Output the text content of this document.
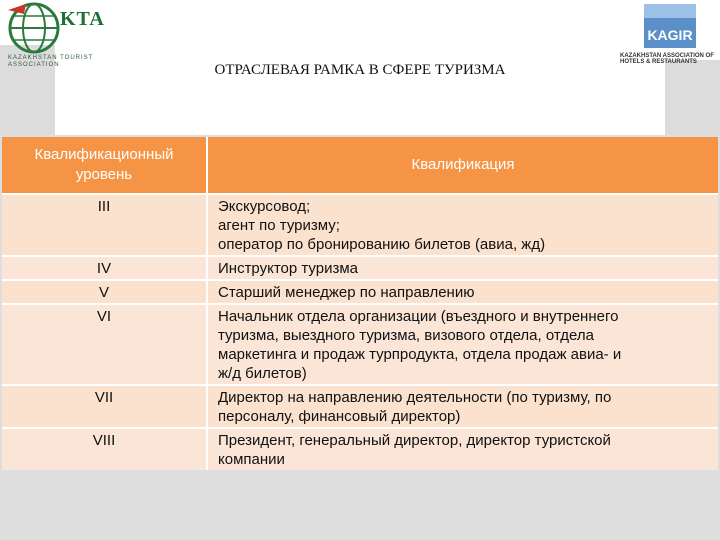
KTA
KAZAKHSTAN TOURIST ASSOCIATION
KAGIR
KAZAKHSTAN ASSOCIATION OF HOTELS & RESTAURANTS
ОТРАСЛЕВАЯ РАМКА В СФЕРЕ ТУРИЗМА
Квалификационный уровень	Квалификация
III	Экскурсовод;
агент по туризму;
оператор по бронированию билетов (авиа, жд)

IV	Инструктор туризма

V	Старший менеджер по направлению

VI	Начальник отдела организации (въездного и внутреннего
туризма, выездного туризма, визового отдела, отдела
маркетинга и продаж турпродукта, отдела продаж авиа- и
ж/д билетов)

VII	Директор на направлению деятельности (по туризму, по
персоналу, финансовый директор)

VIII	Президент, генеральный директор, директор туристской
компании
